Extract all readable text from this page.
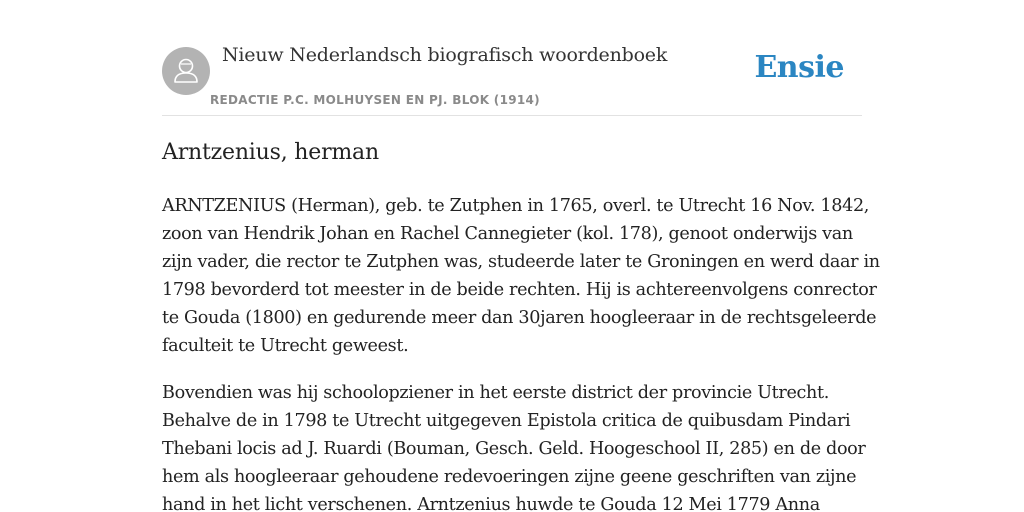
Nieuw Nederlandsch biografisch woordenboek
REDACTIE P.C. MOLHUYSEN EN PJ. BLOK (1914)
Ensie
Arntzenius, herman

ARNTZENIUS (Herman), geb. te Zutphen in 1765, overl. te Utrecht 16 Nov. 1842,
zoon van Hendrik Johan en Rachel Cannegieter (kol. 178), genoot onderwijs van
zijn vader, die rector te Zutphen was, studeerde later te Groningen en werd daar in
1798 bevorderd tot meester in de beide rechten. Hij is achtereenvolgens conrector
te Gouda (1800) en gedurende meer dan 30jaren hoogleeraar in de rechtsgeleerde
faculteit te Utrecht geweest.

Bovendien was hij schoolopziener in het eerste district der provincie Utrecht.
Behalve de in 1798 te Utrecht uitgegeven Epistola critica de quibusdam Pindari
Thebani locis ad J. Ruardi (Bouman, Gesch. Geld. Hoogeschool II, 285) en de door
hem als hoogleeraar gehoudene redevoeringen zijne geene geschriften van zijne
hand in het licht verschenen. Arntzenius huwde te Gouda 12 Mei 1779 Anna
